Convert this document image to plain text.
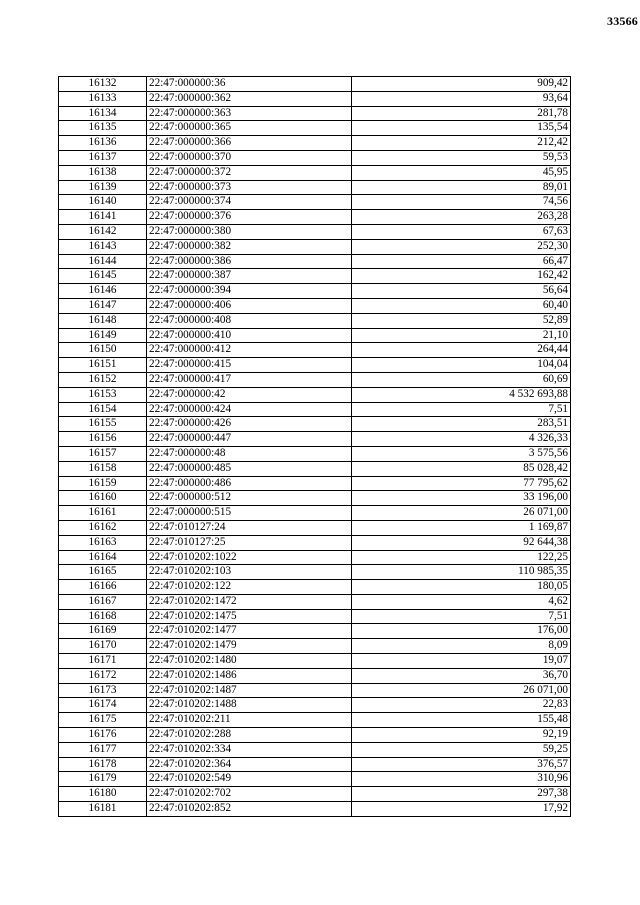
33566
16132	22:47:000000:36	909,42
16133	22:47:000000:362	93,64
16134	22:47:000000:363	281,78
16135	22:47:000000:365	135,54
16136	22:47:000000:366	212,42
16137	22:47:000000:370	59,53
16138	22:47:000000:372	45,95
16139	22:47:000000:373	89,01
16140	22:47:000000:374	74,56
16141	22:47:000000:376	263,28
16142	22:47:000000:380	67,63
16143	22:47:000000:382	252,30
16144	22:47:000000:386	66,47
16145	22:47:000000:387	162,42
16146	22:47:000000:394	56,64
16147	22:47:000000:406	60,40
16148	22:47:000000:408	52,89
16149	22:47:000000:410	21,10
16150	22:47:000000:412	264,44
16151	22:47:000000:415	104,04
16152	22:47:000000:417	60,69
16153	22:47:000000:42	4 532 693,88
16154	22:47:000000:424	7,51
16155	22:47:000000:426	283,51
16156	22:47:000000:447	4 326,33
16157	22:47:000000:48	3 575,56
16158	22:47:000000:485	85 028,42
16159	22:47:000000:486	77 795,62
16160	22:47:000000:512	33 196,00
16161	22:47:000000:515	26 071,00
16162	22:47:010127:24	1 169,87
16163	22:47:010127:25	92 644,38
16164	22:47:010202:1022	122,25
16165	22:47:010202:103	110 985,35
16166	22:47:010202:122	180,05
16167	22:47:010202:1472	4,62
16168	22:47:010202:1475	7,51
16169	22:47:010202:1477	176,00
16170	22:47:010202:1479	8,09
16171	22:47:010202:1480	19,07
16172	22:47:010202:1486	36,70
16173	22:47:010202:1487	26 071,00
16174	22:47:010202:1488	22,83
16175	22:47:010202:211	155,48
16176	22:47:010202:288	92,19
16177	22:47:010202:334	59,25
16178	22:47:010202:364	376,57
16179	22:47:010202:549	310,96
16180	22:47:010202:702	297,38
16181	22:47:010202:852	17,92
